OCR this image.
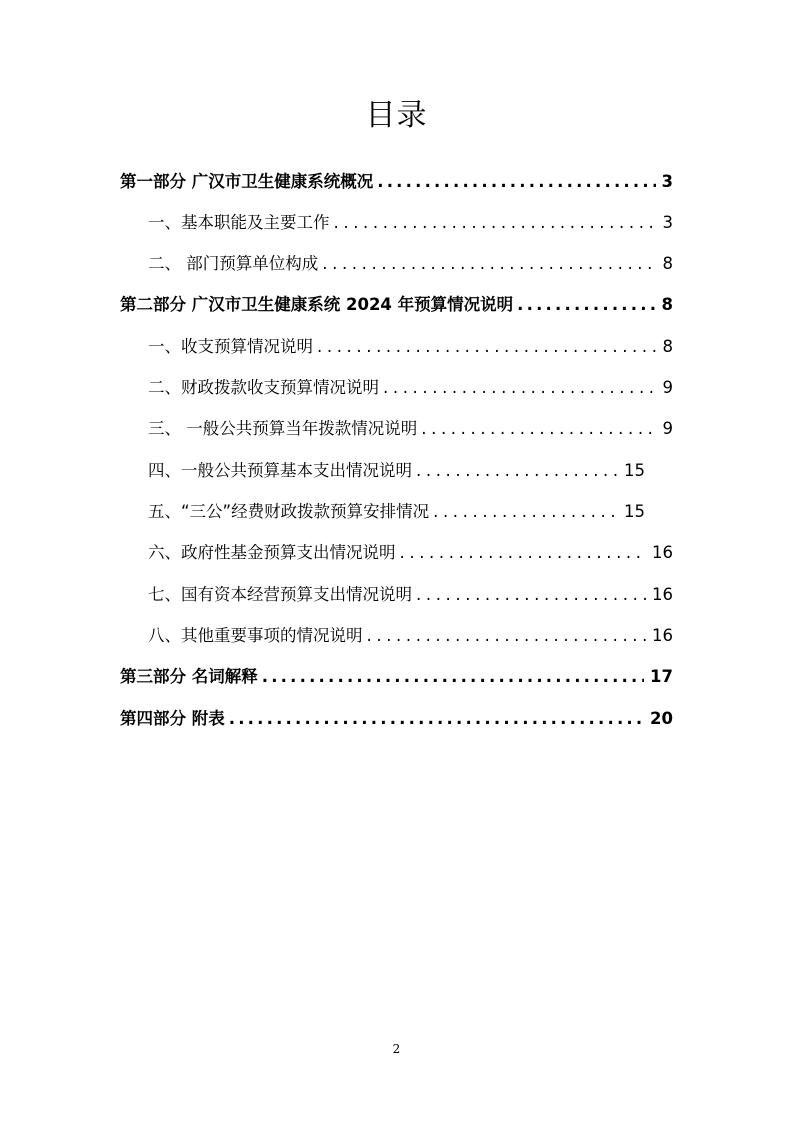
目录
第一部分 广汉市卫生健康系统概况 .....	3
一、基本职能及主要工作 .....	3
二、 部门预算单位构成 .....	8
第二部分 广汉市卫生健康系统 2024 年预算情况说明 .....	8
一、收支预算情况说明 .....	8
二、财政拨款收支预算情况说明 .....	9
三、 一般公共预算当年拨款情况说明 .....	9
四、一般公共预算基本支出情况说明 .....	15
五、“三公”经费财政拨款预算安排情况 .....	15
六、政府性基金预算支出情况说明 .....	16
七、国有资本经营预算支出情况说明 .....	16
八、其他重要事项的情况说明 .....	16
第三部分 名词解释 .....	17
第四部分 附表 .....	20
2
